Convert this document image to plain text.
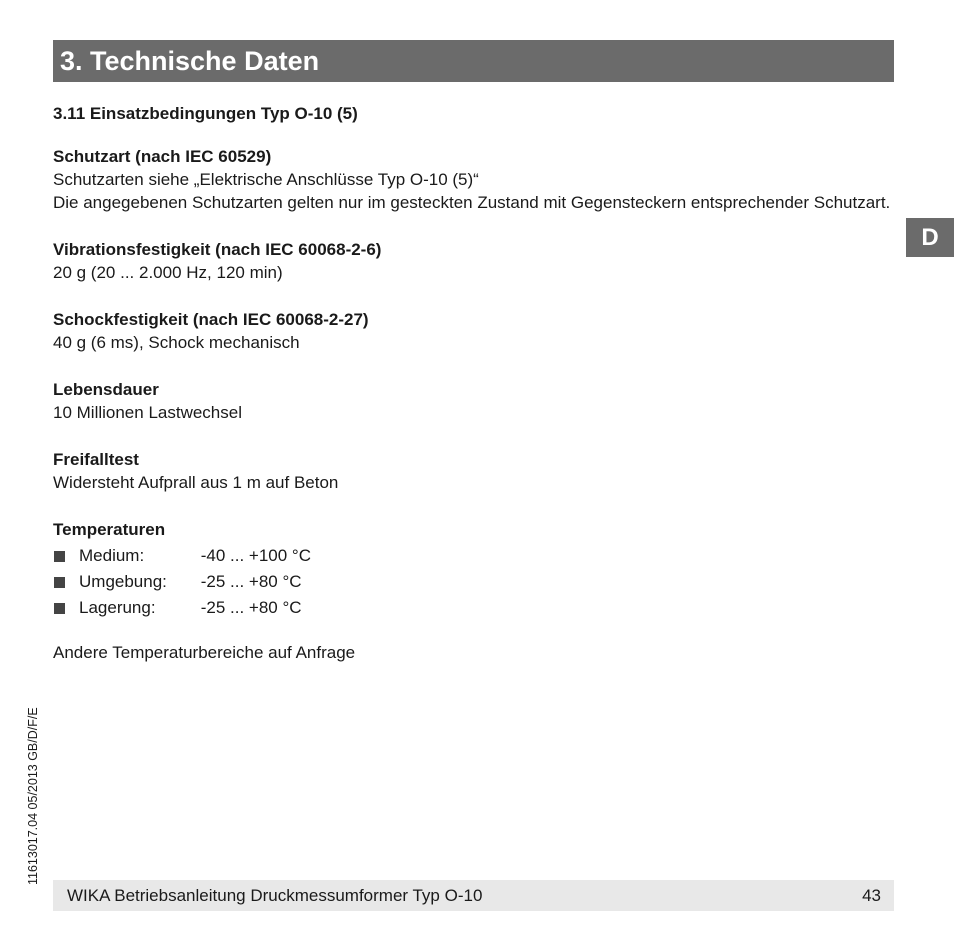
3. Technische Daten
D
3.11 Einsatzbedingungen Typ O-10 (5)
Schutzart (nach IEC 60529)
Schutzarten siehe „Elektrische Anschlüsse Typ O-10 (5)“
Die angegebenen Schutzarten gelten nur im gesteckten Zustand mit Gegensteckern entsprechender Schutzart.
Vibrationsfestigkeit (nach IEC 60068-2-6)
20 g (20 ... 2.000 Hz, 120 min)
Schockfestigkeit (nach IEC 60068-2-27)
40 g (6 ms), Schock mechanisch
Lebensdauer
10 Millionen Lastwechsel
Freifalltest
Widersteht Aufprall aus 1 m auf Beton
Temperaturen
Medium:	-40 ... +100 °C
Umgebung: -25 ... +80 °C
Lagerung:	-25 ... +80 °C
Andere Temperaturbereiche auf Anfrage
11613017.04 05/2013 GB/D/F/E
WIKA Betriebsanleitung Druckmessumformer Typ O-10	43
